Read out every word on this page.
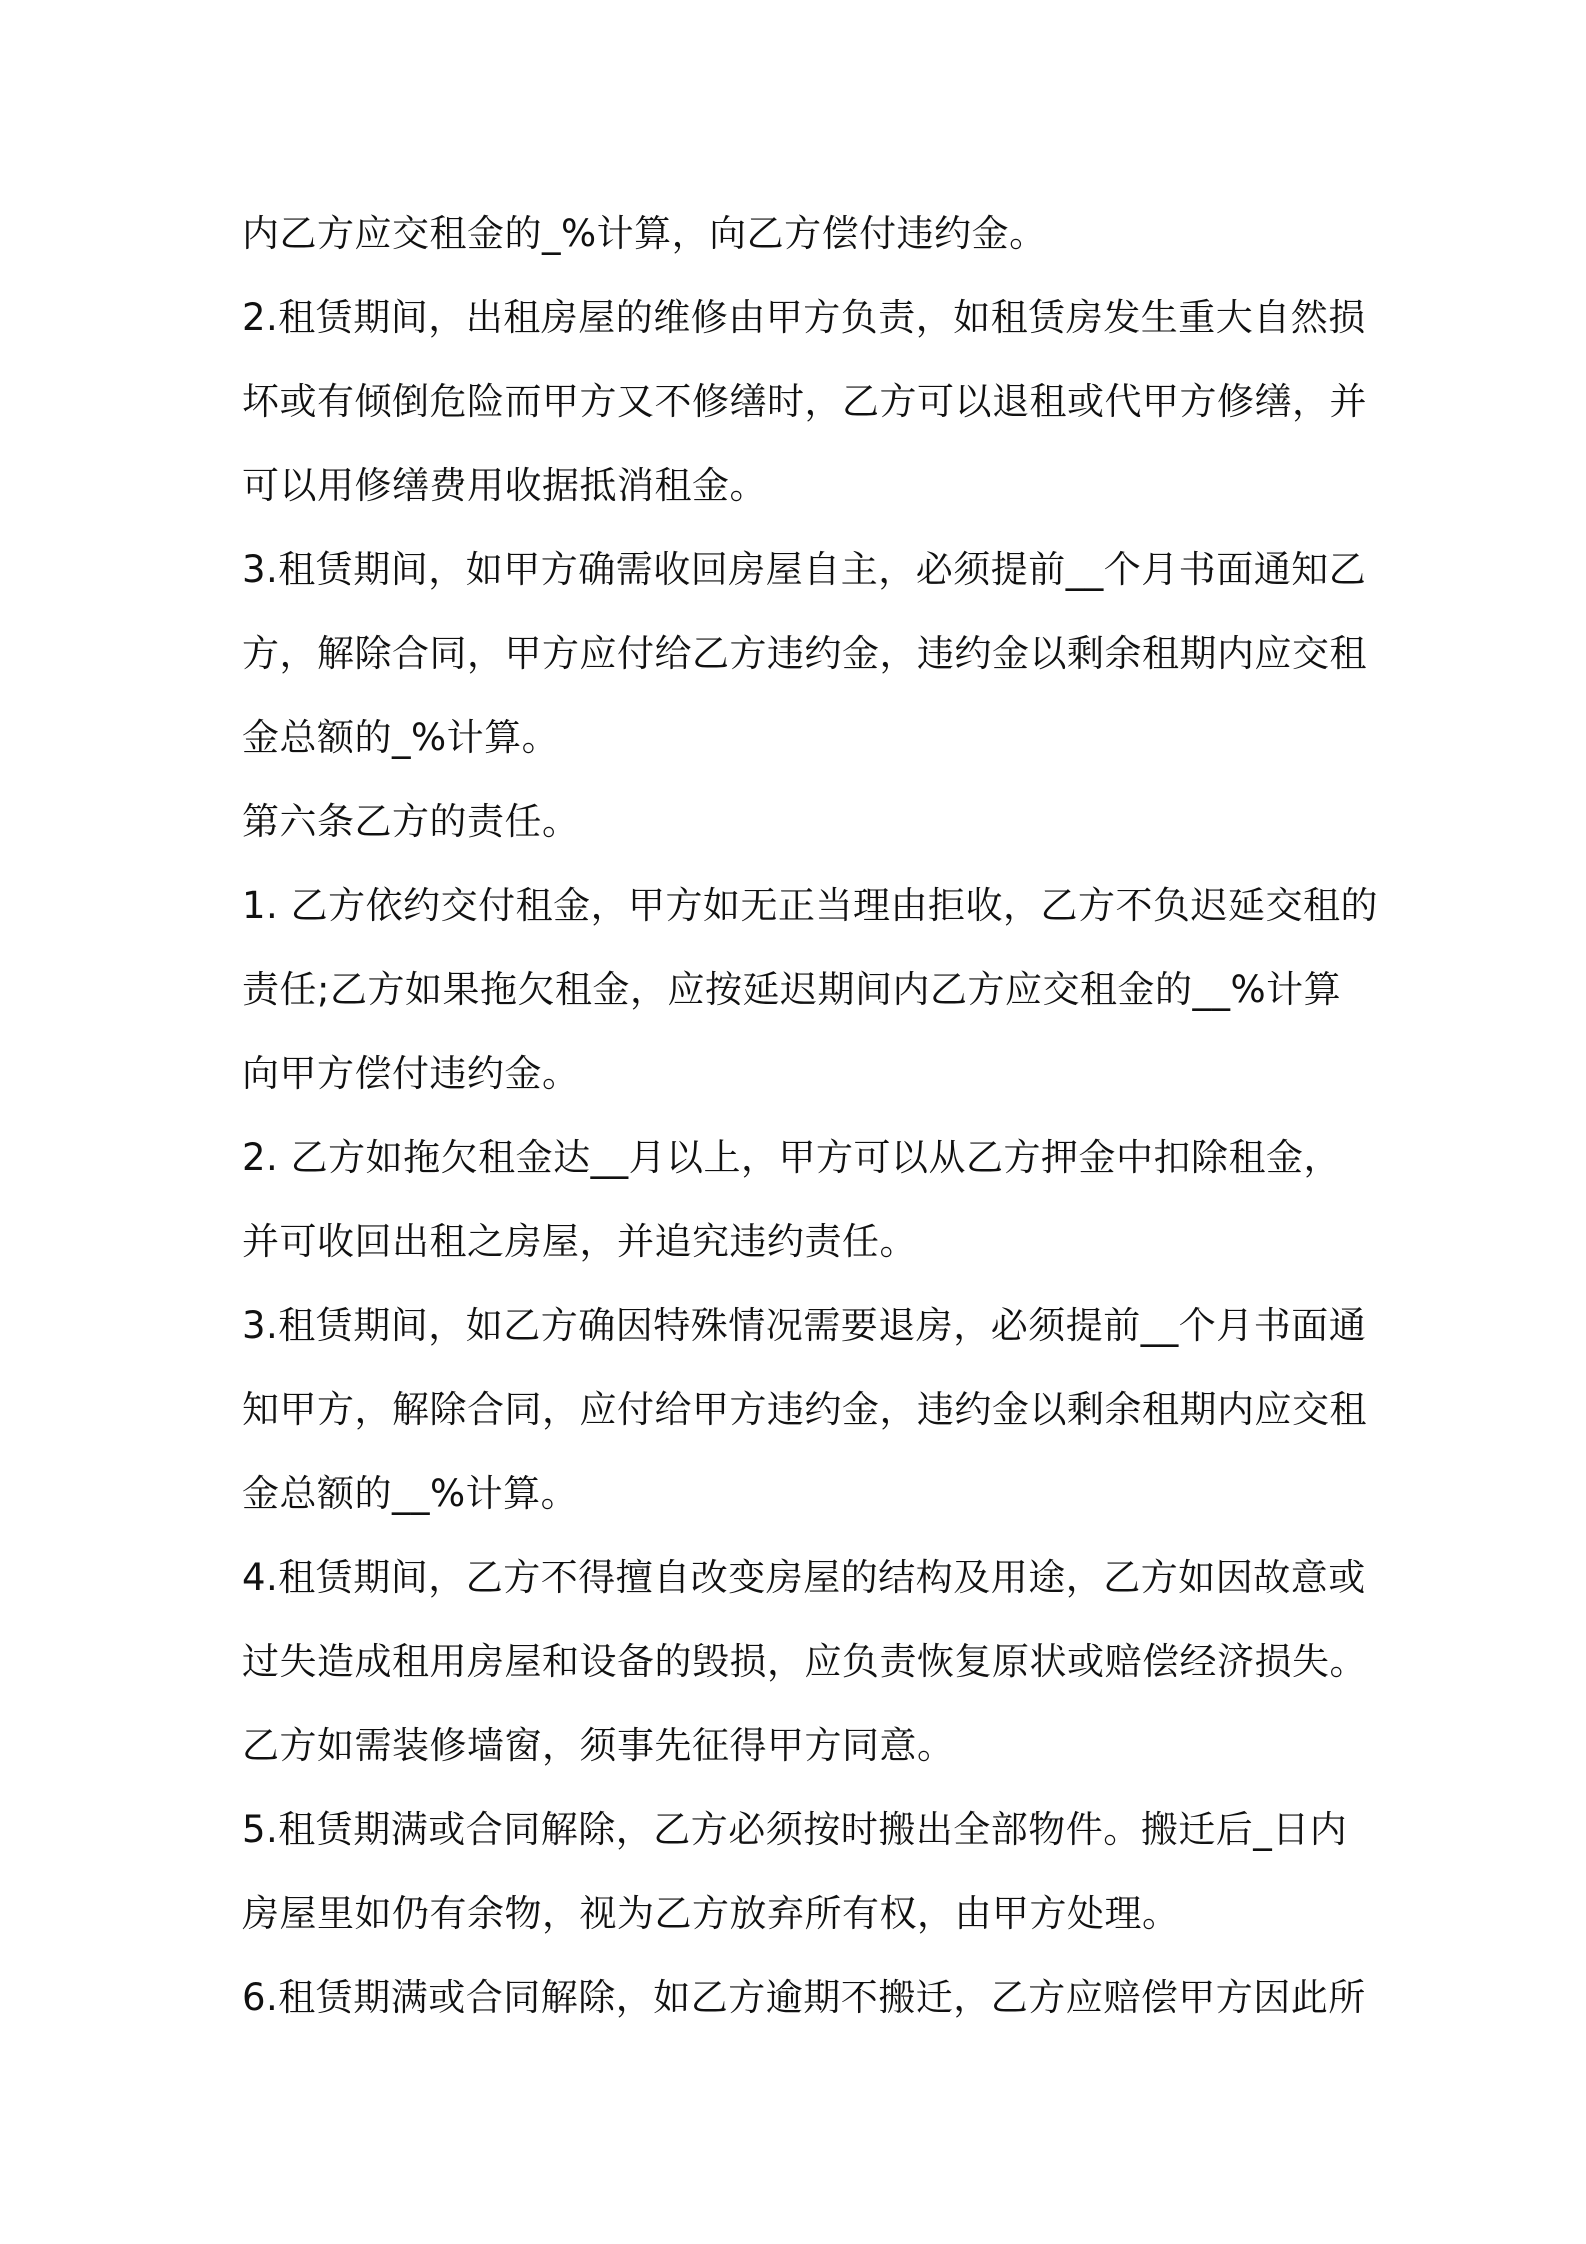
内乙方应交租金的_%计算，向乙方偿付违约金。
2.租赁期间，出租房屋的维修由甲方负责，如租赁房发生重大自然损
坏或有倾倒危险而甲方又不修缮时，乙方可以退租或代甲方修缮，并
可以用修缮费用收据抵消租金。
3.租赁期间，如甲方确需收回房屋自主，必须提前__个月书面通知乙
方，解除合同，甲方应付给乙方违约金，违约金以剩余租期内应交租
金总额的_%计算。
第六条乙方的责任。
1. 乙方依约交付租金，甲方如无正当理由拒收，乙方不负迟延交租的
责任;乙方如果拖欠租金，应按延迟期间内乙方应交租金的__%计算
向甲方偿付违约金。
2. 乙方如拖欠租金达__月以上，甲方可以从乙方押金中扣除租金，
并可收回出租之房屋，并追究违约责任。
3.租赁期间，如乙方确因特殊情况需要退房，必须提前__个月书面通
知甲方，解除合同，应付给甲方违约金，违约金以剩余租期内应交租
金总额的__%计算。
4.租赁期间，乙方不得擅自改变房屋的结构及用途，乙方如因故意或
过失造成租用房屋和设备的毁损，应负责恢复原状或赔偿经济损失。
乙方如需装修墙窗，须事先征得甲方同意。
5.租赁期满或合同解除，乙方必须按时搬出全部物件。搬迁后_日内
房屋里如仍有余物，视为乙方放弃所有权，由甲方处理。
6.租赁期满或合同解除，如乙方逾期不搬迁，乙方应赔偿甲方因此所
